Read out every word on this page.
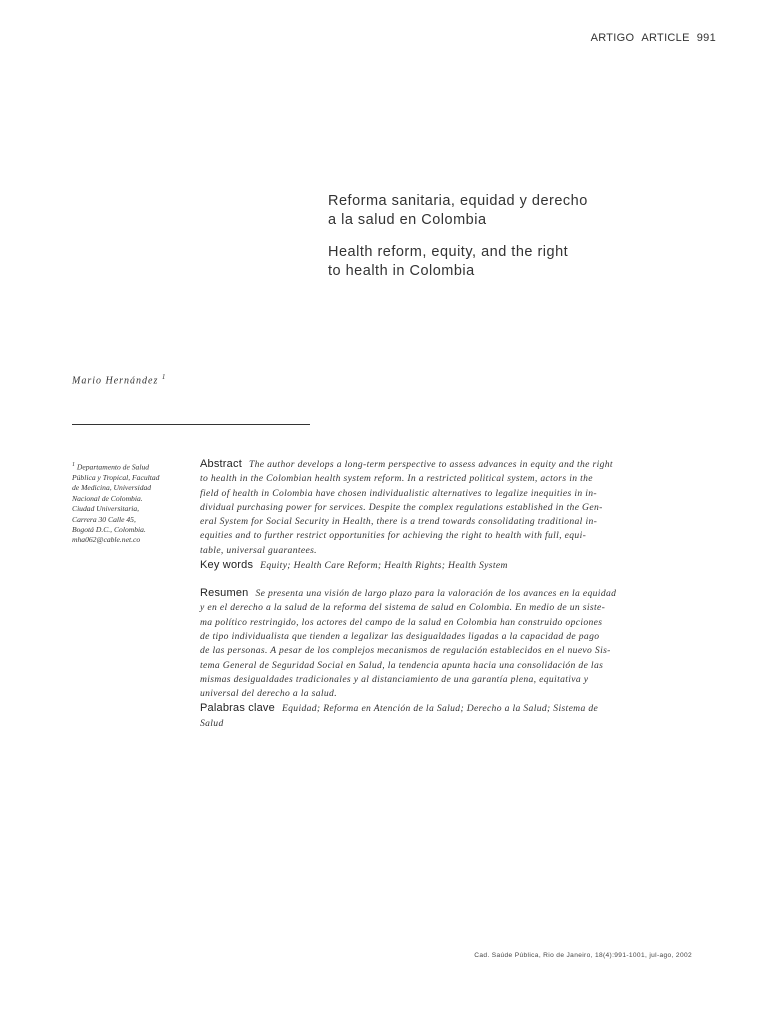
ARTIGO ARTICLE 991
Reforma sanitaria, equidad y derecho
a la salud en Colombia
Health reform, equity, and the right
to health in Colombia
Mario Hernández $^1$
$^1$ Departamento de Salud
Pública y Tropical, Facultad
de Medicina, Universidad
Nacional de Colombia.
Ciudad Universitaria,
Carrera 30 Calle 45,
Bogotá D.C., Colombia.
mha062@cable.net.co
Abstract The author develops a long-term perspective to assess advances in equity and the right
to health in the Colombian health system reform. In a restricted political system, actors in the
field of health in Colombia have chosen individualistic alternatives to legalize inequities in in-
dividual purchasing power for services. Despite the complex regulations established in the Gen-
eral System for Social Security in Health, there is a trend towards consolidating traditional in-
equities and to further restrict opportunities for achieving the right to health with full, equi-
table, universal guarantees.
Key words Equity; Health Care Reform; Health Rights; Health System
Resumen Se presenta una visión de largo plazo para la valoración de los avances en la equidad
y en el derecho a la salud de la reforma del sistema de salud en Colombia. En medio de un siste-
ma político restringido, los actores del campo de la salud en Colombia han construido opciones
de tipo individualista que tienden a legalizar las desigualdades ligadas a la capacidad de pago
de las personas. A pesar de los complejos mecanismos de regulación establecidos en el nuevo Sis-
tema General de Seguridad Social en Salud, la tendencia apunta hacia una consolidación de las
mismas desigualdades tradicionales y al distanciamiento de una garantía plena, equitativa y
universal del derecho a la salud.
Palabras clave Equidad; Reforma en Atención de la Salud; Derecho a la Salud; Sistema de
Salud
Cad. Saúde Pública, Rio de Janeiro, 18(4):991-1001, jul-ago, 2002
